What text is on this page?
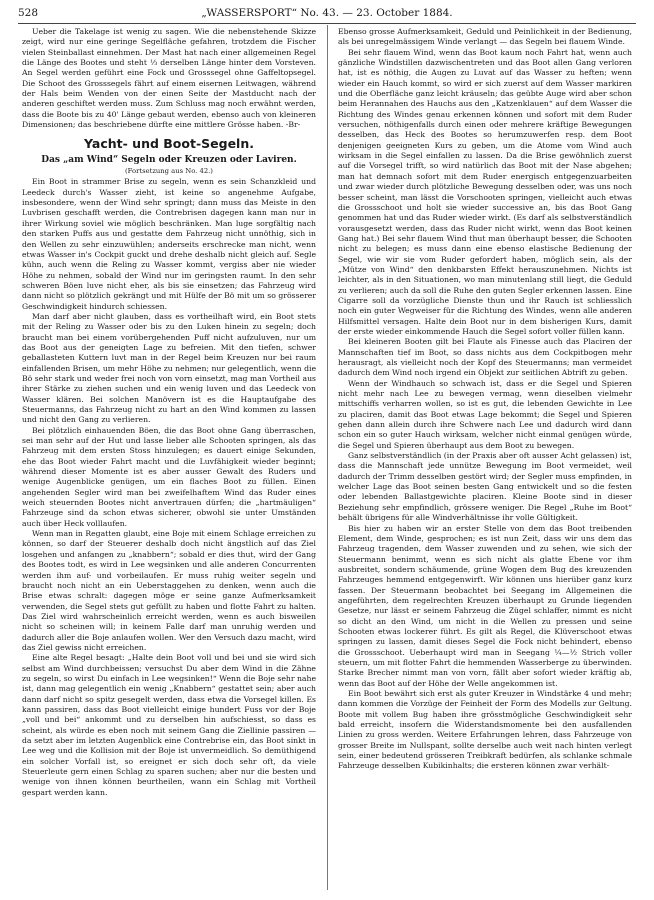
528	„WASSERSPORT“ No. 43. — 23. October 1884.

Ueber die Takelage ist wenig zu sagen. Wie die nebenstehende Skizze zeigt, wird nur eine geringe Segelfläche gefahren, trotzdem die Fischer vielen Steinballast einnehmen. Der Mast hat nach einer allgemeinen Regel die Länge des Bootes und steht ⅓ derselben Länge hinter dem Vorsteven. An Segel werden geführt eine Fock und Grosssegel ohne Gaffeltopsegel. Die Schoot des Grosssegels fährt auf einem eisernen Leitwagen, während der Hals beim Wenden von der einen Seite der Mastducht nach der anderen geschiftet werden muss. Zum Schluss mag noch erwähnt werden, dass die Boote bis zu 40' Länge gebaut werden, ebenso auch von kleineren Dimensionen; das beschriebene dürfte eine mittlere Grösse haben. -Br-

Yacht- und Boot-Segeln.
Das „am Wind“ Segeln oder Kreuzen oder Laviren.
(Fortsetzung aus No. 42.)

Ein Boot in strammer Brise zu segeln, wenn es sein Schanzkleid und Leedeck durch's Wasser zieht, ist keine so angenehme Aufgabe, insbesondere, wenn der Wind sehr springt; dann muss das Meiste in den Luvbrisen geschafft werden, die Contrebrisen dagegen kann man nur in ihrer Wirkung soviel wie möglich beschränken. Man luge sorgfältig nach den starken Puffs aus und gestatte dem Fahrzeug nicht unnöthig, sich in den Wellen zu sehr einzuwühlen; anderseits erschrecke man nicht, wenn etwas Wasser in's Cockpit guckt und drehe deshalb nicht gleich auf. Segle kühn, auch wenn die Reling zu Wasser kommt, vergiss aber nie wieder Höhe zu nehmen, sobald der Wind nur im geringsten raumt. In den sehr schweren Böen luve nicht eher, als bis sie einsetzen; das Fahrzeug wird dann nicht so plötzlich gekrängt und mit Hülfe der Bö mit um so grösserer Geschwindigkeit hindurch schiessen.

Man darf aber nicht glauben, dass es vortheilhaft wird, ein Boot stets mit der Reling zu Wasser oder bis zu den Luken hinein zu segeln; doch braucht man bei einem vorübergehenden Puff nicht aufzuluven, nur um das Boot aus der geneigten Lage zu befreien. Mit den tiefen, schwer geballasteten Kuttern luvt man in der Regel beim Kreuzen nur bei raum einfallenden Brisen, um mehr Höhe zu nehmen; nur gelegentlich, wenn die Bö sehr stark und weder frei noch von vorn einsetzt, mag man Vortheil aus ihrer Stärke zu ziehen suchen und ein wenig luven und das Leedeck von Wasser klären. Bei solchen Manövern ist es die Hauptaufgabe des Steuermanns, das Fahrzeug nicht zu hart an den Wind kommen zu lassen und nicht den Gang zu verlieren.

Bei plötzlich einhauenden Böen, die das Boot ohne Gang überraschen, sei man sehr auf der Hut und lasse lieber alle Schooten springen, als das Fahrzeug mit dem ersten Stoss hinzulegen; es dauert einige Sekunden, ehe das Boot wieder Fahrt macht und die Luvfähigkeit wieder beginnt; während dieser Momente ist es aber ausser Gewalt des Ruders und wenige Augenblicke genügen, um ein flaches Boot zu füllen. Einen angehenden Segler wird man bei zweifelhaftem Wind das Ruder eines weich steuernden Bootes nicht anvertrauen dürfen; die „hartmäuligen“ Fahrzeuge sind da schon etwas sicherer, obwohl sie unter Umständen auch über Heck volllaufen.

Wenn man in Regatten glaubt, eine Boje mit einem Schlage erreichen zu können, so darf der Steuerer deshalb doch nicht ängstlich auf das Ziel losgehen und anfangen zu „knabbern“; sobald er dies thut, wird der Gang des Bootes todt, es wird in Lee wegsinken und alle anderen Concurrenten werden ihm auf- und vorbeilaufen. Er muss ruhig weiter segeln und braucht noch nicht an ein Ueberstaggehen zu denken, wenn auch die Brise etwas schralt: dagegen möge er seine ganze Aufmerksamkeit verwenden, die Segel stets gut gefüllt zu haben und flotte Fahrt zu halten. Das Ziel wird wahrscheinlich erreicht werden, wenn es auch bisweilen nicht so scheinen will; in keinem Falle darf man unruhig werden und dadurch aller die Boje anlaufen wollen. Wer den Versuch dazu macht, wird das Ziel gewiss nicht erreichen.

Eine alte Regel besagt: „Halte dein Boot voll und bei und sie wird sich selbst am Wind durchbeissen; versuchst Du aber dem Wind in die Zähne zu segeln, so wirst Du einfach in Lee wegsinken!“ Wenn die Boje sehr nahe ist, dann mag gelegentlich ein wenig „Knabbern“ gestattet sein; aber auch dann darf nicht so spitz gesegelt werden, dass etwa die Vorsegel killen. Es kann passiren, dass das Boot vielleicht einige hundert Fuss vor der Boje „voll und bei“ ankommt und zu derselben hin aufschiesst, so dass es scheint, als würde es eben noch mit seinem Gang die Ziellinie passiren — da setzt aber im letzten Augenblick eine Contrebrise ein, das Boot sinkt in Lee weg und die Kollision mit der Boje ist unvermeidlich. So demüthigend ein solcher Vorfall ist, so ereignet er sich doch sehr oft, da viele Steuerleute gern einen Schlag zu sparen suchen; aber nur die besten und wenige von ihnen können beurtheilen, wann ein Schlag mit Vortheil gespart werden kann.

Ebenso grosse Aufmerksamkeit, Geduld und Peinlichkeit in der Bedienung, als bei unregelmässigem Winde verlangt — das Segeln bei flauem Winde.

Bei sehr flauem Wind, wenn das Boot kaum noch Fahrt hat, wenn auch gänzliche Windstillen dazwischentreten und das Boot allen Gang verloren hat, ist es nöthig, die Augen zu Luvat auf das Wasser zu heften; wenn wieder ein Hauch kommt, so wird er sich zuerst auf dem Wasser markiren und die Oberfläche ganz leicht kräuseln; das geübte Auge wird aber schon beim Herannahen des Hauchs aus den „Katzenklauen“ auf dem Wasser die Richtung des Windes genau erkennen können und sofort mit dem Ruder versuchen, nöthigenfalls durch einen oder mehrere kräftige Bewegungen desselben, das Heck des Bootes so herumzuwerfen resp. dem Boot denjenigen geeigneten Kurs zu geben, um die Atome vom Wind auch wirksam in die Segel einfallen zu lassen. Da die Brise gewöhnlich zuerst auf die Vorsegel trifft, so wird natürlich das Boot mit der Nase abgehen; man hat demnach sofort mit dem Ruder energisch entgegenzuarbeiten und zwar wieder durch plötzliche Bewegung desselben oder, was uns noch besser scheint, man lässt die Vorschooten springen, vielleicht auch etwas die Grossschoot und holt sie wieder successive an, bis das Boot Gang genommen hat und das Ruder wieder wirkt. (Es darf als selbstverständlich vorausgesetzt werden, dass das Ruder nicht wirkt, wenn das Boot keinen Gang hat.) Bei sehr flauem Wind thut man überhaupt besser, die Schooten nicht zu belegen; es muss dann eine ebenso elastische Bedienung der Segel, wie wir sie vom Ruder gefordert haben, möglich sein, als der „Mütze von Wind“ den denkbarsten Effekt herauszunehmen. Nichts ist leichter, als in den Situationen, wo man minutenlang still liegt, die Geduld zu verlieren; auch da soll die Ruhe den guten Segler erkennen lassen. Eine Cigarre soll da vorzügliche Dienste thun und ihr Rauch ist schliesslich noch ein guter Wegweiser für die Richtung des Windes, wenn alle anderen Hilfsmittel versagen. Halte dein Boot nur in dem bisherigen Kurs, damit der erste wieder einkommende Hauch die Segel sofort voller füllen kann.

Bei kleineren Booten gilt bei Flaute als Finesse auch das Placiren der Mannschaften tief im Boot, so dass nichts aus dem Cockpitbogen mehr herausragt, als vielleicht noch der Kopf des Steuermanns; man vermeidet dadurch dem Wind noch irgend ein Objekt zur seitlichen Abtrift zu geben.

Wenn der Windhauch so schwach ist, dass er die Segel und Spieren nicht mehr nach Lee zu bewegen vermag, wenn dieselben vielmehr mittschiffs verharren wollen, so ist es gut, die lebenden Gewichte in Lee zu placiren, damit das Boot etwas Lage bekommt; die Segel und Spieren gehen dann allein durch ihre Schwere nach Lee und dadurch wird dann schon ein so guter Hauch wirksam, welcher nicht einmal genügen würde, die Segel und Spieren überhaupt aus dem Boot zu bewegen.

Ganz selbstverständlich (in der Praxis aber oft ausser Acht gelassen) ist, dass die Mannschaft jede unnütze Bewegung im Boot vermeidet, weil dadurch der Trimm desselben gestört wird; der Segler muss empfinden, in welcher Lage das Boot seinen besten Gang entwickelt und so die festen oder lebenden Ballastgewichte placiren. Kleine Boote sind in dieser Beziehung sehr empfindlich, grössere weniger. Die Regel „Ruhe im Boot“ behält übrigens für alle Windverhältnisse ihr volle Gültigkeit.

Bis hier zu haben wir an erster Stelle von dem das Boot treibenden Element, dem Winde, gesprochen; es ist nun Zeit, dass wir uns dem das Fahrzeug tragenden, dem Wasser zuwenden und zu sehen, wie sich der Steuermann benimmt, wenn es sich nicht als glatte Ebene vor ihm ausbreitet, sondern schäumende, grüne Wogen dem Bug des kreuzenden Fahrzeuges hemmend entgegenwirft. Wir können uns hierüber ganz kurz fassen. Der Steuermann beobachtet bei Seegang im Allgemeinen die angeführten, dem regelrechten Kreuzen überhaupt zu Grunde liegenden Gesetze, nur lässt er seinem Fahrzeug die Zügel schlaffer, nimmt es nicht so dicht an den Wind, um nicht in die Wellen zu pressen und seine Schooten etwas lockerer führt. Es gilt als Regel, die Klüverschoot etwas springen zu lassen, damit dieses Segel die Fock nicht behindert, ebenso die Grossschoot. Ueberhaupt wird man in Seegang ¼—½ Strich voller steuern, um mit flotter Fahrt die hemmenden Wasserberge zu überwinden. Starke Brecher nimmt man von vorn, fällt aber sofort wieder kräftig ab, wenn das Boot auf der Höhe der Welle angekommen ist.

Ein Boot bewährt sich erst als guter Kreuzer in Windstärke 4 und mehr; dann kommen die Vorzüge der Feinheit der Form des Modells zur Geltung. Boote mit vollem Bug haben ihre grösstmögliche Geschwindigkeit sehr bald erreicht, insofern die Widerstandsmomente bei den ausfallenden Linien zu gross werden. Weitere Erfahrungen lehren, dass Fahrzeuge von grosser Breite im Nullspant, sollte derselbe auch weit nach hinten verlegt sein, einer bedeutend grösseren Treibkraft bedürfen, als schlanke schmale Fahrzeuge desselben Kubikinhalts; die ersteren können zwar verhält-
